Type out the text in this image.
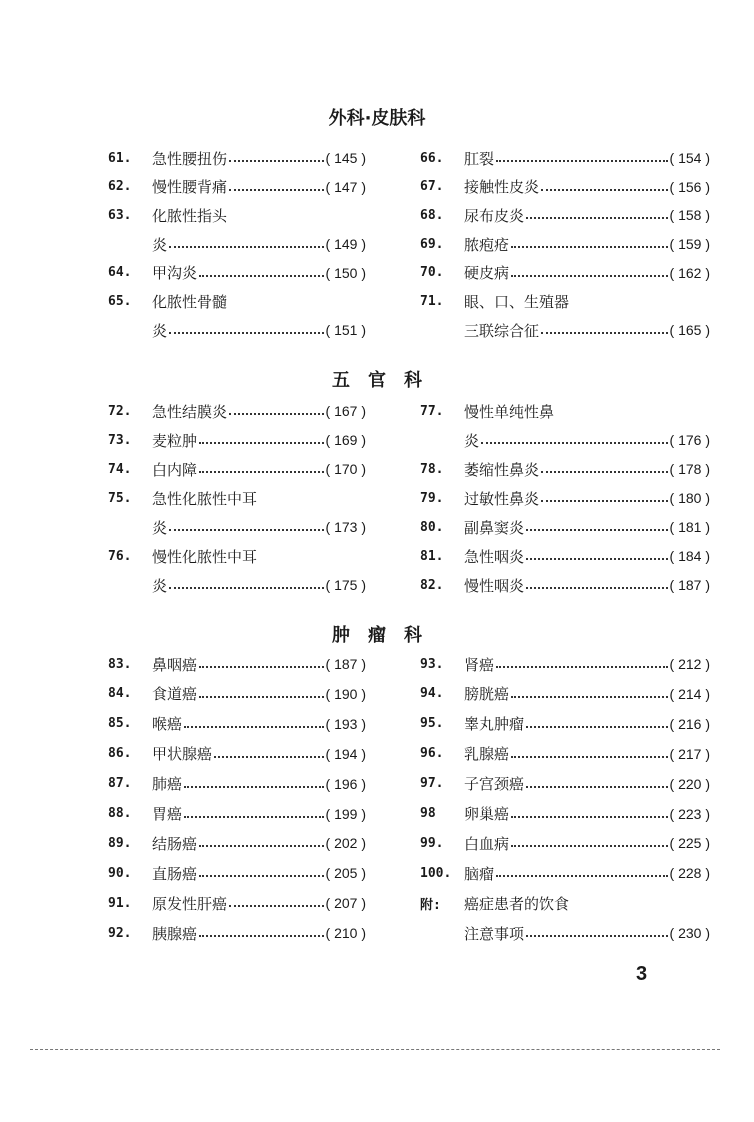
外科·皮肤科
61.	急性腰扭伤	( 145 )
62.	慢性腰背痛	( 147 )
63.	化脓性指头
炎	( 149 )
64.	甲沟炎	( 150 )
65.	化脓性骨髓
炎	( 151 )
66.	肛裂	( 154 )
67.	接触性皮炎	( 156 )
68.	尿布皮炎	( 158 )
69.	脓疱疮	( 159 )
70.	硬皮病	( 162 )
71.	眼、口、生殖器
三联综合征	( 165 )
五　官　科
72.	急性结膜炎	( 167 )
73.	麦粒肿	( 169 )
74.	白内障	( 170 )
75.	急性化脓性中耳
炎	( 173 )
76.	慢性化脓性中耳
炎	( 175 )
77.	慢性单纯性鼻
炎	( 176 )
78.	萎缩性鼻炎	( 178 )
79.	过敏性鼻炎	( 180 )
80.	副鼻窦炎	( 181 )
81.	急性咽炎	( 184 )
82.	慢性咽炎	( 187 )
肿　瘤　科
83.	鼻咽癌	( 187 )
84.	食道癌	( 190 )
85.	喉癌	( 193 )
86.	甲状腺癌	( 194 )
87.	肺癌	( 196 )
88.	胃癌	( 199 )
89.	结肠癌	( 202 )
90.	直肠癌	( 205 )
91.	原发性肝癌	( 207 )
92.	胰腺癌	( 210 )
93.	肾癌	( 212 )
94.	膀胱癌	( 214 )
95.	睾丸肿瘤	( 216 )
96.	乳腺癌	( 217 )
97.	子宫颈癌	( 220 )
98	卵巢癌	( 223 )
99.	白血病	( 225 )
100. 脑瘤	( 228 )
附:	癌症患者的饮食
注意事项	( 230 )
3
